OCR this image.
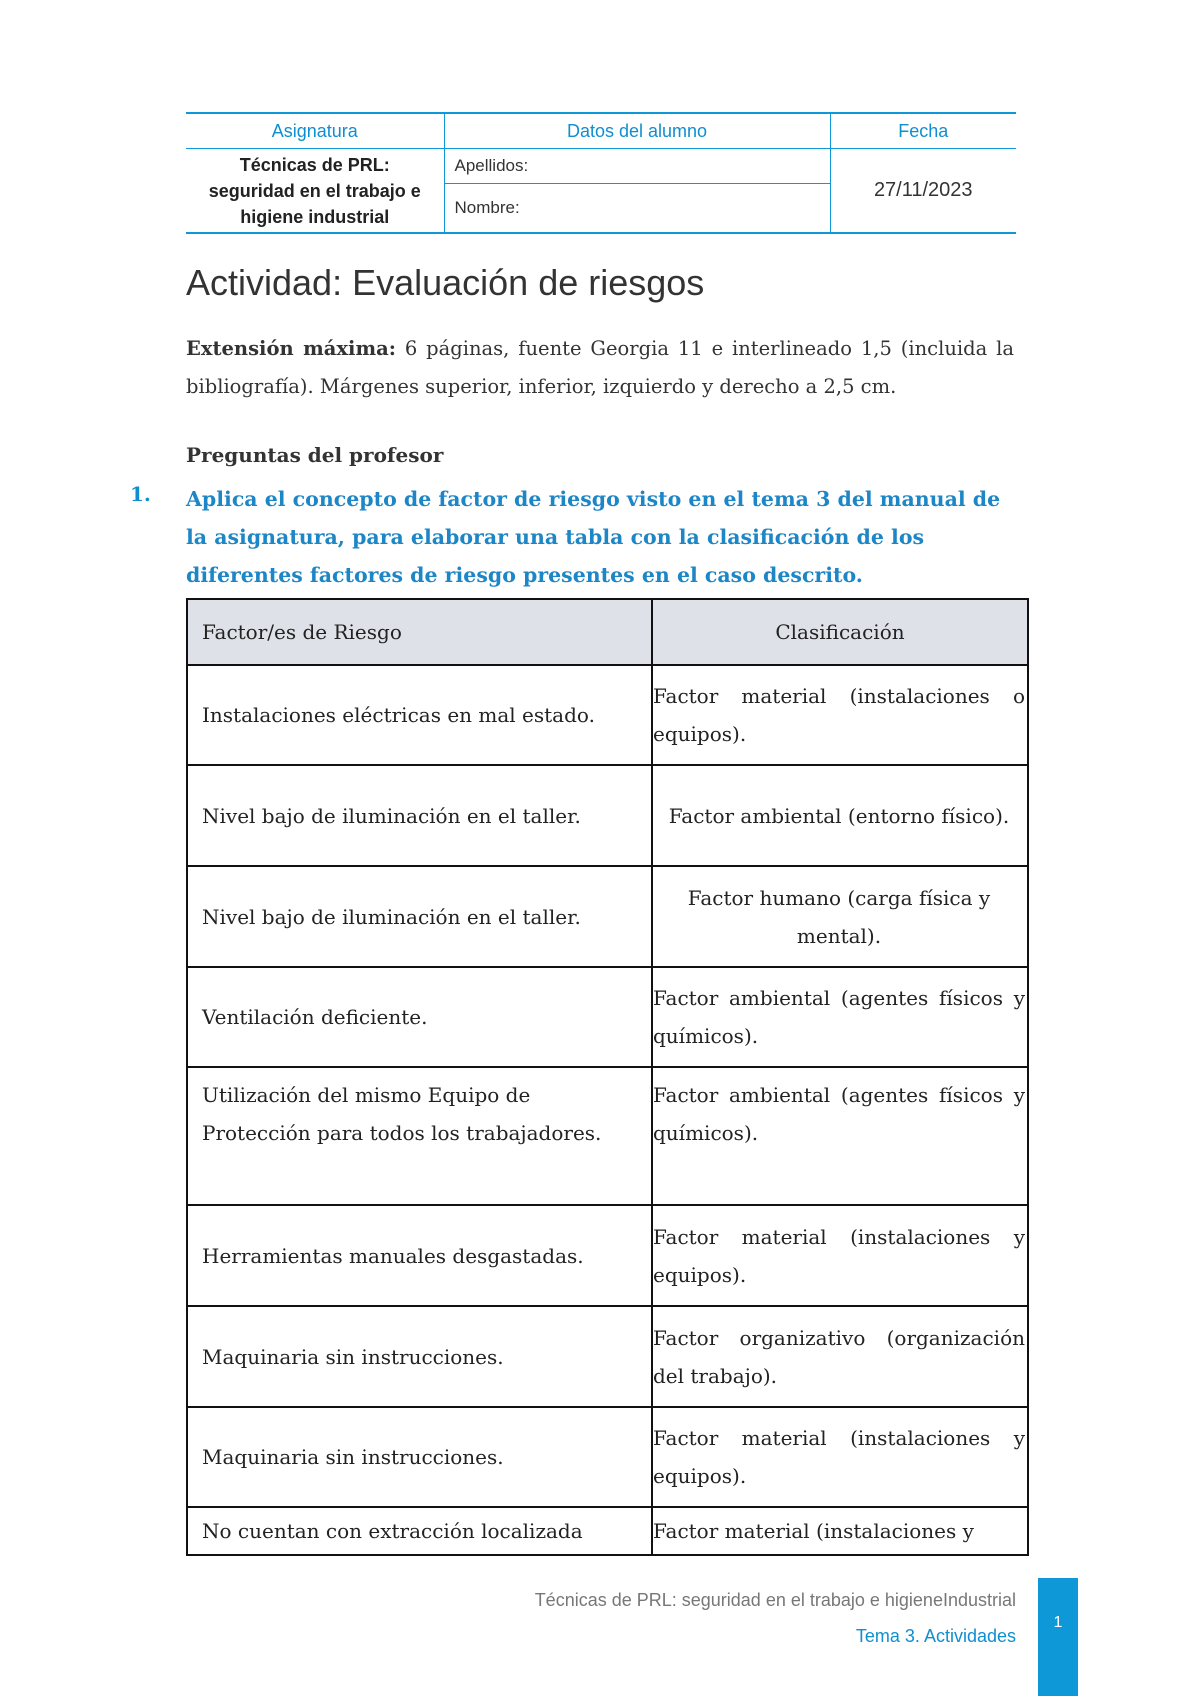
Asignatura	Datos del alumno	Fecha
Técnicas de PRL:
seguridad en el trabajo e
higiene industrial	Apellidos:	27/11/2023
	Nombre:	
Actividad: Evaluación de riesgos
Extensión máxima: 6 páginas, fuente Georgia 11 e interlineado 1,5 (incluida la bibliografía). Márgenes superior, inferior, izquierdo y derecho a 2,5 cm.
Preguntas del profesor
1. Aplica el concepto de factor de riesgo visto en el tema 3 del manual de la asignatura, para elaborar una tabla con la clasificación de los diferentes factores de riesgo presentes en el caso descrito.
Factor/es de Riesgo	Clasificación
Instalaciones eléctricas en mal estado.	Factor material (instalaciones o equipos).
Nivel bajo de iluminación en el taller.	Factor ambiental (entorno físico).
Nivel bajo de iluminación en el taller.	Factor humano (carga física y mental).
Ventilación deficiente.	Factor ambiental (agentes físicos y químicos).
Utilización del mismo Equipo de Protección para todos los trabajadores.	Factor ambiental (agentes físicos y químicos).
Herramientas manuales desgastadas.	Factor material (instalaciones y equipos).
Maquinaria sin instrucciones.	Factor organizativo (organización del trabajo).
Maquinaria sin instrucciones.	Factor material (instalaciones y equipos).
No cuentan con extracción localizada	Factor material (instalaciones y
Técnicas de PRL: seguridad en el trabajo e higieneIndustrial
Tema 3. Actividades
1
